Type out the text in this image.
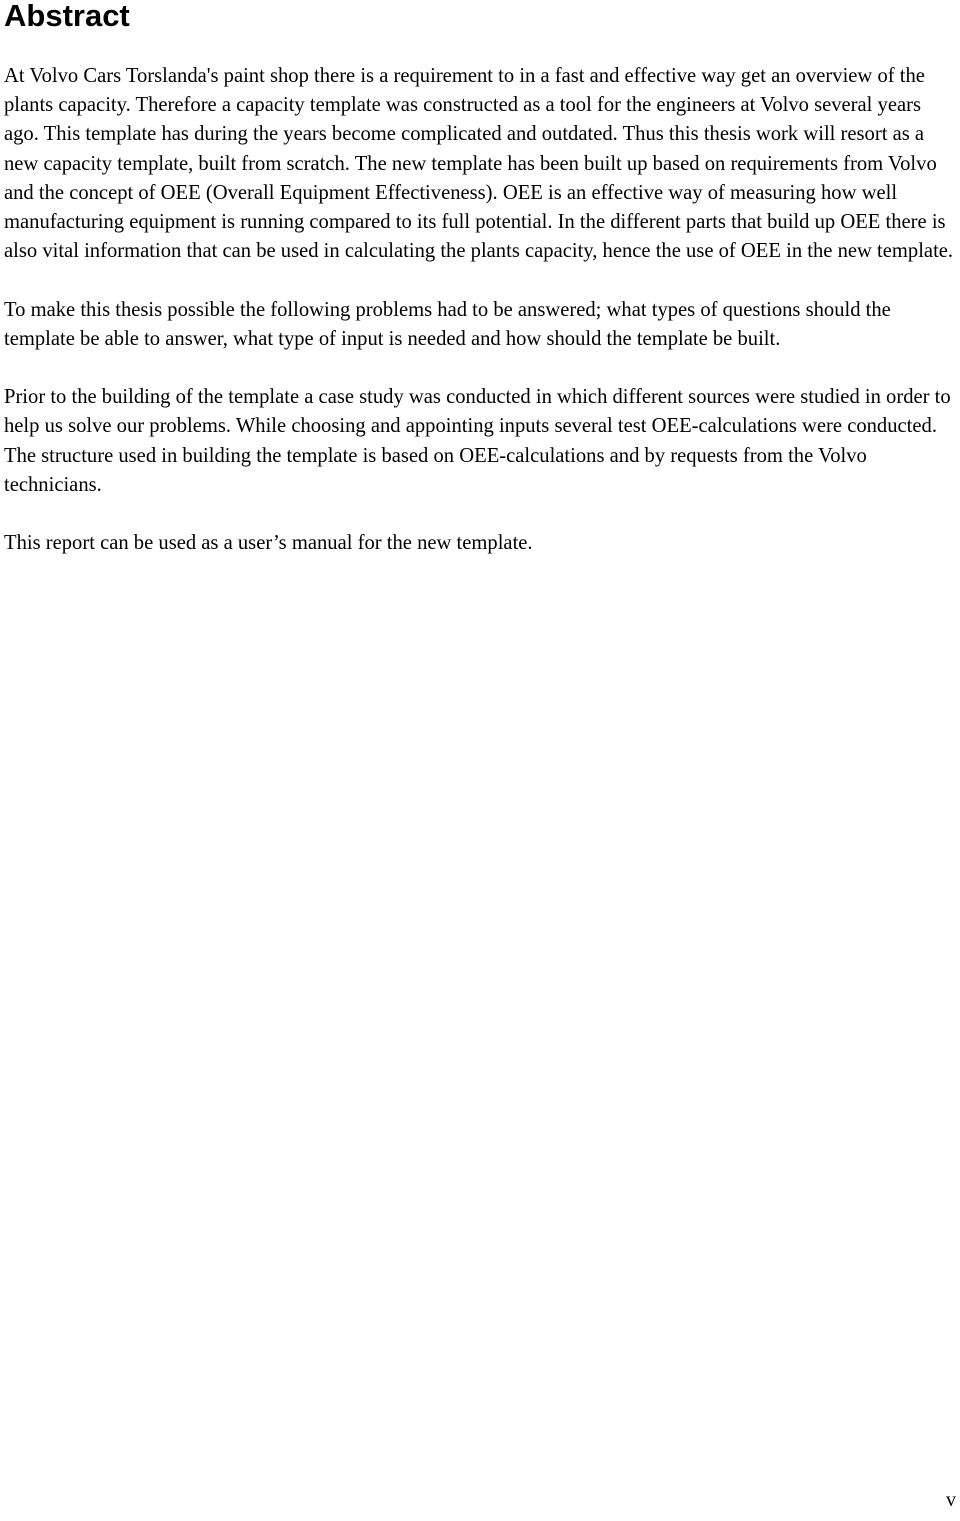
Abstract

At Volvo Cars Torslanda's paint shop there is a requirement to in a fast and effective way get an overview of the plants capacity. Therefore a capacity template was constructed as a tool for the engineers at Volvo several years ago. This template has during the years become complicated and outdated. Thus this thesis work will resort as a new capacity template, built from scratch. The new template has been built up based on requirements from Volvo and the concept of OEE (Overall Equipment Effectiveness). OEE is an effective way of measuring how well manufacturing equipment is running compared to its full potential. In the different parts that build up OEE there is also vital information that can be used in calculating the plants capacity, hence the use of OEE in the new template.

To make this thesis possible the following problems had to be answered; what types of questions should the template be able to answer, what type of input is needed and how should the template be built.

Prior to the building of the template a case study was conducted in which different sources were studied in order to help us solve our problems. While choosing and appointing inputs several test OEE-calculations were conducted. The structure used in building the template is based on OEE-calculations and by requests from the Volvo technicians.

This report can be used as a user’s manual for the new template.

v
